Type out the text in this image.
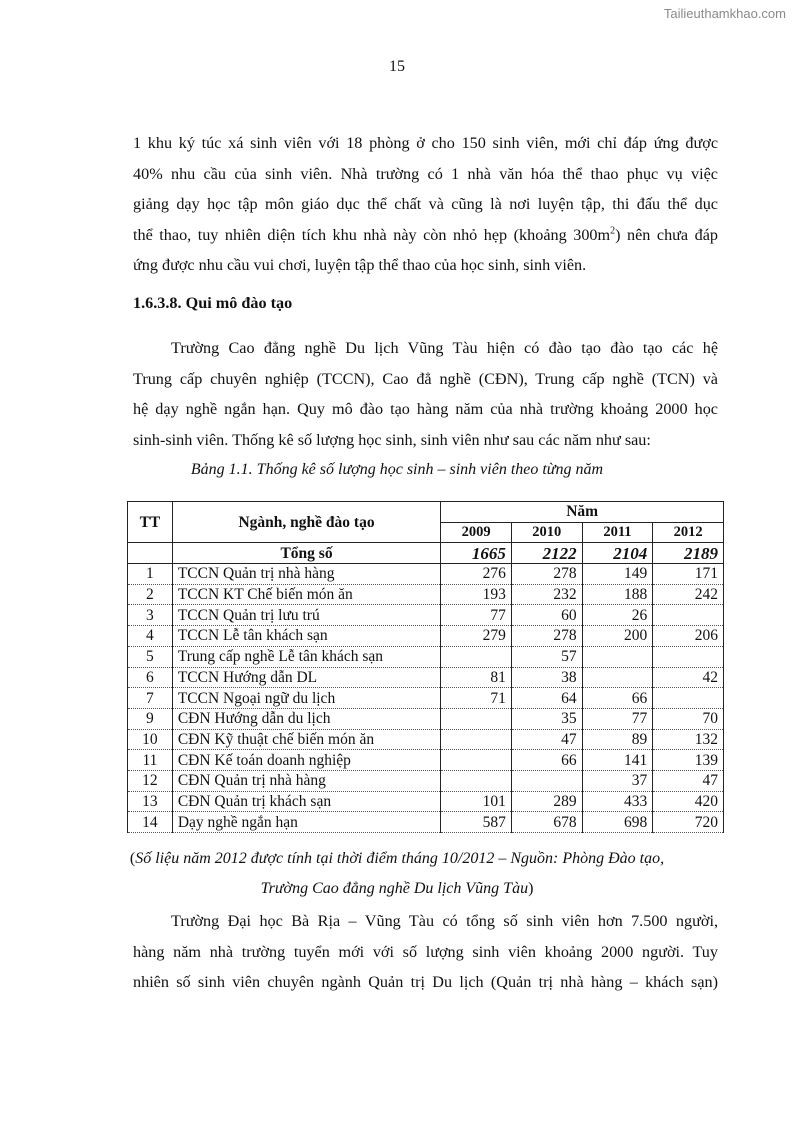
Tailieuthamkhao.com
15
1 khu ký túc xá sinh viên với 18 phòng ở cho 150 sinh viên, mới chỉ đáp ứng được
40% nhu cầu của sinh viên. Nhà trường có 1 nhà văn hóa thể thao phục vụ việc
giảng dạy học tập môn giáo dục thể chất và cũng là nơi luyện tập, thi đấu thể dục
thể thao, tuy nhiên diện tích khu nhà này còn nhỏ hẹp (khoảng $300m^2$) nên chưa đáp
ứng được nhu cầu vui chơi, luyện tập thể thao của học sinh, sinh viên.
1.6.3.8. Qui mô đào tạo
Trường Cao đẳng nghề Du lịch Vũng Tàu hiện có đào tạo đào tạo các hệ
Trung cấp chuyên nghiệp (TCCN), Cao đẳ nghề (CĐN), Trung cấp nghề (TCN) và
hệ dạy nghề ngắn hạn. Quy mô đào tạo hàng năm của nhà trường khoảng 2000 học
sinh-sinh viên. Thống kê số lượng học sinh, sinh viên như sau các năm như sau:
Bảng 1.1. Thống kê số lượng học sinh – sinh viên theo từng năm
TT	Ngành, nghề đào tạo	Năm			
		2009	2010	2011	2012
	Tổng số	1665	2122	2104	2189
1	TCCN Quản trị nhà hàng	276	278	149	171
2	TCCN KT Chế biến món ăn	193	232	188	242
3	TCCN Quản trị lưu trú	77	60	26	
4	TCCN Lễ tân khách sạn	279	278	200	206
5	Trung cấp nghề Lễ tân khách sạn		57		
6	TCCN Hướng dẫn DL	81	38		42
7	TCCN Ngoại ngữ du lịch	71	64	66	
9	CĐN Hướng dẫn du lịch		35	77	70
10	CĐN Kỹ thuật chế biến món ăn		47	89	132
11	CĐN Kế toán doanh nghiệp		66	141	139
12	CĐN Quản trị nhà hàng			37	47
13	CĐN Quản trị khách sạn	101	289	433	420
14	Dạy nghề ngắn hạn	587	678	698	720
(Số liệu năm 2012 được tính tại thời điểm tháng 10/2012 – Nguồn: Phòng Đào tạo,
Trường Cao đẳng nghề Du lịch Vũng Tàu)
Trường Đại học Bà Rịa – Vũng Tàu có tổng số sinh viên hơn 7.500 người,
hàng năm nhà trường tuyển mới với số lượng sinh viên khoảng 2000 người. Tuy
nhiên số sinh viên chuyên ngành Quản trị Du lịch (Quản trị nhà hàng – khách sạn)
